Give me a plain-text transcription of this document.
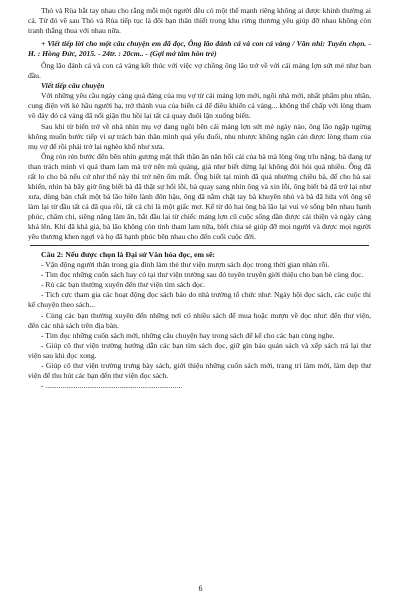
Thỏ và Rùa bắt tay nhau cho rằng mỗi một người đều có một thế mạnh riêng không ai được khinh thường ai cả. Từ đó về sau Thỏ và Rùa tiếp tục là đôi bạn thân thiết trong khu rừng thương yêu giúp đỡ nhau không còn tranh thắng thua với nhau nữa.

+ Viết tiếp lời cho một câu chuyện em đã đọc, Ông lão đánh cá và con cá vàng / Văn nhi: Tuyển chọn. - H. : Hồng Đức, 2015. - 24tr. : 20cm.. - (Gợi mở tâm hồn trẻ)

Ông lão đánh cá và con cá vàng kết thúc với việc vợ chồng ông lão trở về với cái máng lợn sứt mẻ như ban đầu.

Viết tiếp câu chuyện

Với những yêu cầu ngày càng quá đáng của mụ vợ từ cái máng lợn mới, ngôi nhà mới, nhất phẩm phu nhân, cung điện với kẻ hầu người hạ, trở thành vua của biển cả để điều khiển cá vàng... không thể chấp với lòng tham vô đáy đó cá vàng đã nổi giận thu hồi lại tất cả quay đuôi lặn xuống biển.

Sau khi từ biển trở về nhà nhìn mụ vợ đang ngồi bên cái máng lợn sứt mẻ ngày nào, ông lão ngập ngừng không muốn bước tiếp vì sự trách bản thân mình quá yếu đuối, nhu nhược không ngăn cản được lòng tham của mụ vợ để rồi phải trở lại nghèo khổ như xưa.

Ông rón rén bước đến bên nhìn gương mặt thất thần ăn năn hối cải của bà mà lòng ông trĩu nặng, bà đang tự than trách mình vì quá tham lam mà trở nên mù quáng, giá như biết dừng lại không đòi hỏi quá nhiều. Ông đã rất lo cho bà nếu cứ như thế này thì trở nên ốm mất. Ông biết tại mình đã quá nhường chiều bà, để cho bà sai khiến, nhìn bà bây giờ ông biết bà đã thật sự hối lỗi, bà quay sang nhìn ông và xin lỗi, ông biết bà đã trở lại như xưa, dùng bản chất một bà lão hiền lành đôn hậu, ông đã nắm chặt tay bà khuyên nhủ và bà đã hứa với ông sẽ làm lại từ đầu tất cả đã qua rồi, tất cả chỉ là một giấc mơ. Kể từ đó hai ông bà lão lại vui vẻ sống bên nhau hạnh phúc, chăm chỉ, siêng năng làm ăn, bắt đầu lại từ chiếc máng lợn cũ cuộc sống dần được cải thiện và ngày càng khá lên. Khi đã khá giả, bà lão không còn tính tham lam nữa, biết chia sẻ giúp đỡ mọi người và được mọi người yêu thương khen ngợi và họ đã hạnh phúc bên nhau cho đến cuối cuộc đời.

Câu 2: Nếu được chọn là Đại sứ Văn hóa đọc, em sẽ:

- Vận động người thân trong gia đình làm thẻ thư viện mượn sách đọc trong thời gian nhàn rỗi.

- Tìm đọc những cuốn sách hay có tại thư viện trường sau đó tuyên truyền giới thiệu cho bạn bè cùng đọc.

- Rủ các bạn thường xuyên đến thư viện tìm sách đọc.

- Tích cực tham gia các hoạt động đọc sách báo do nhà trường tổ chức như: Ngày hội đọc sách, các cuộc thi kể chuyện theo sách...

- Cùng các bạn thường xuyên đến những nơi có nhiều sách để mua hoặc mượn về đọc như: đến thư viện, đến các nhà sách trên địa bàn.

- Tìm đọc những cuốn sách mới, những câu chuyện hay trong sách để kể cho các bạn cùng nghe.

- Giúp cô thư viện trường hướng dẫn các bạn tìm sách đọc, giữ gìn bảo quản sách và xếp sách trả lại thư viện sau khi đọc xong.

- Giúp cô thư viện trường trưng bày sách, giới thiệu những cuốn sách mới, trang trí làm mới, làm đẹp thư viện để thu hút các bạn đến thư viện đọc sách.

- ........................................................................

6
